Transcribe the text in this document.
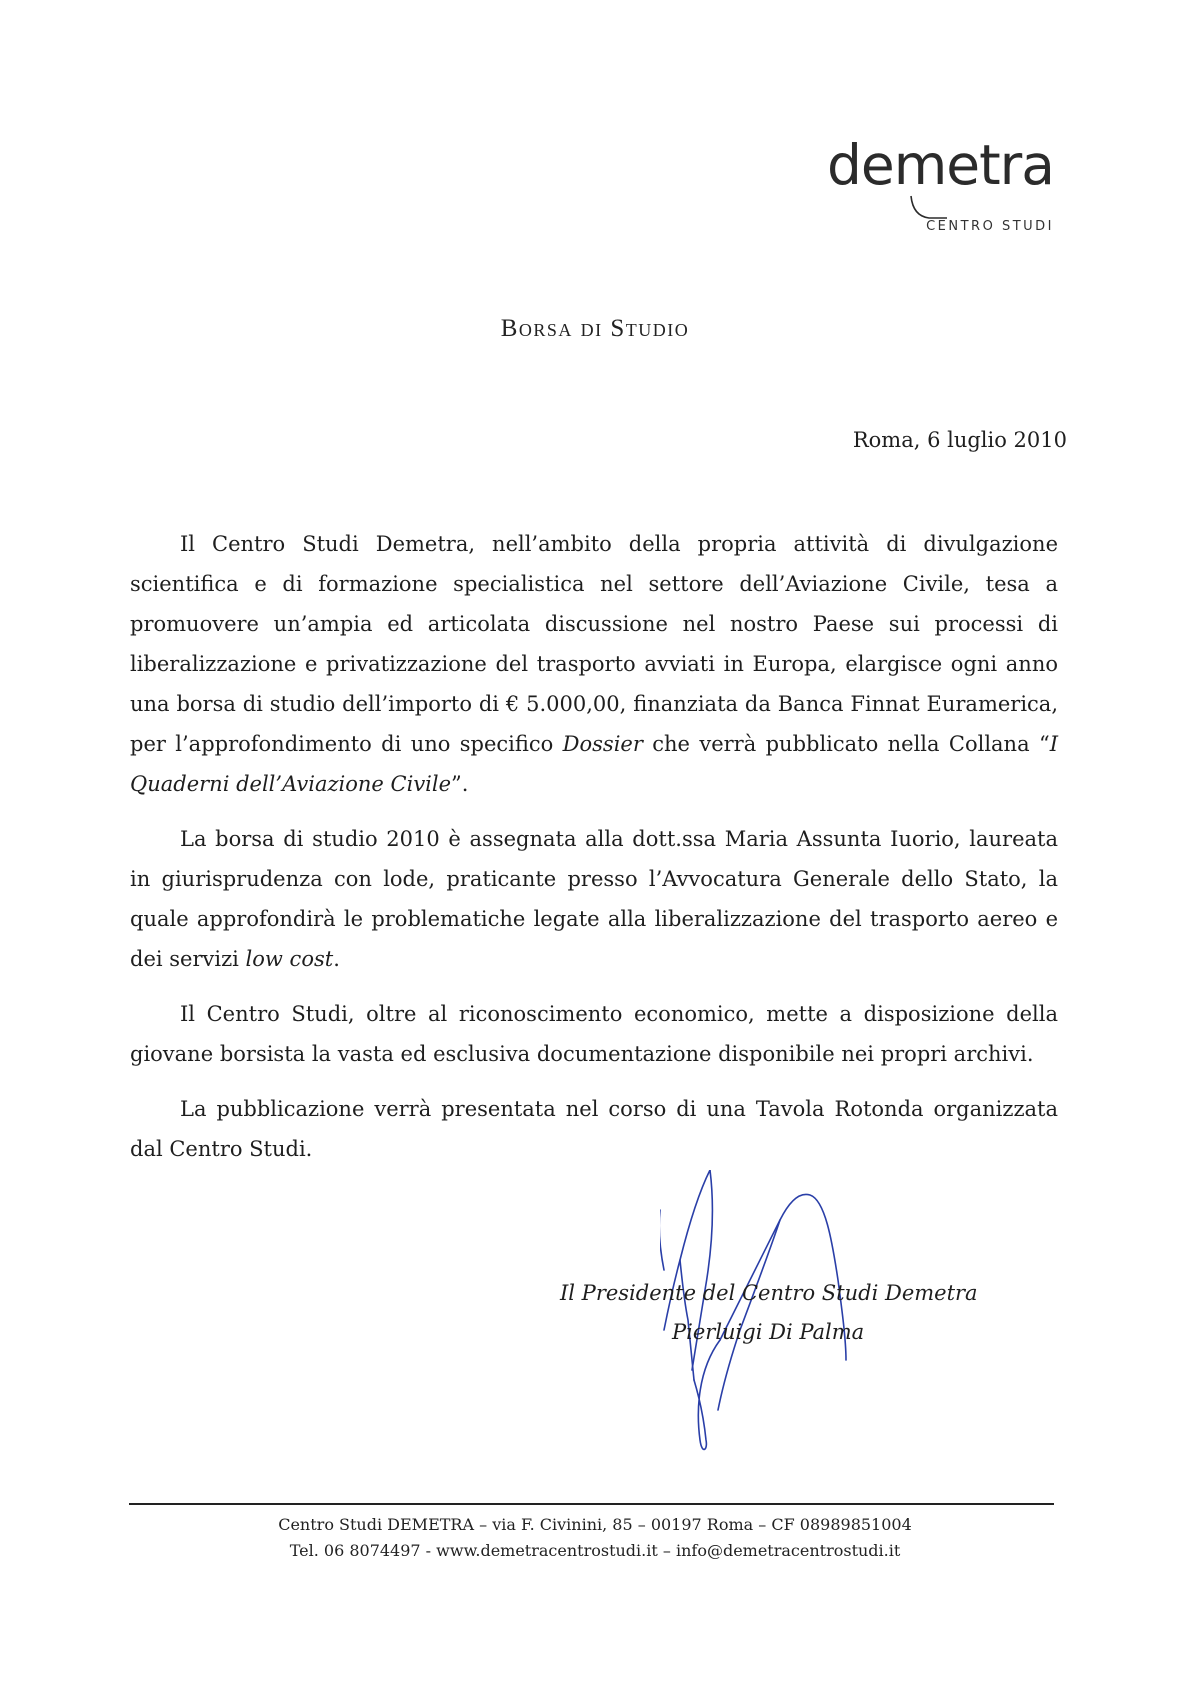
demetra
CENTRO STUDI
Borsa di Studio
Roma, 6 luglio 2010

Il Centro Studi Demetra, nell’ambito della propria attività di divulgazione scientifica e di formazione specialistica nel settore dell’Aviazione Civile, tesa a promuovere un’ampia ed articolata discussione nel nostro Paese sui processi di liberalizzazione e privatizzazione del trasporto avviati in Europa, elargisce ogni anno una borsa di studio dell’importo di € 5.000,00, finanziata da Banca Finnat Euramerica, per l’approfondimento di uno specifico Dossier che verrà pubblicato nella Collana “I Quaderni dell’Aviazione Civile”.

La borsa di studio 2010 è assegnata alla dott.ssa Maria Assunta Iuorio, laureata in giurisprudenza con lode, praticante presso l’Avvocatura Generale dello Stato, la quale approfondirà le problematiche legate alla liberalizzazione del trasporto aereo e dei servizi low cost.

Il Centro Studi, oltre al riconoscimento economico, mette a disposizione della giovane borsista la vasta ed esclusiva documentazione disponibile nei propri archivi.

La pubblicazione verrà presentata nel corso di una Tavola Rotonda organizzata dal Centro Studi.

Il Presidente del Centro Studi Demetra
Pierluigi Di Palma
Centro Studi DEMETRA – via F. Civinini, 85 – 00197 Roma – CF 08989851004
Tel. 06 8074497 - www.demetracentrostudi.it – info@demetracentrostudi.it
